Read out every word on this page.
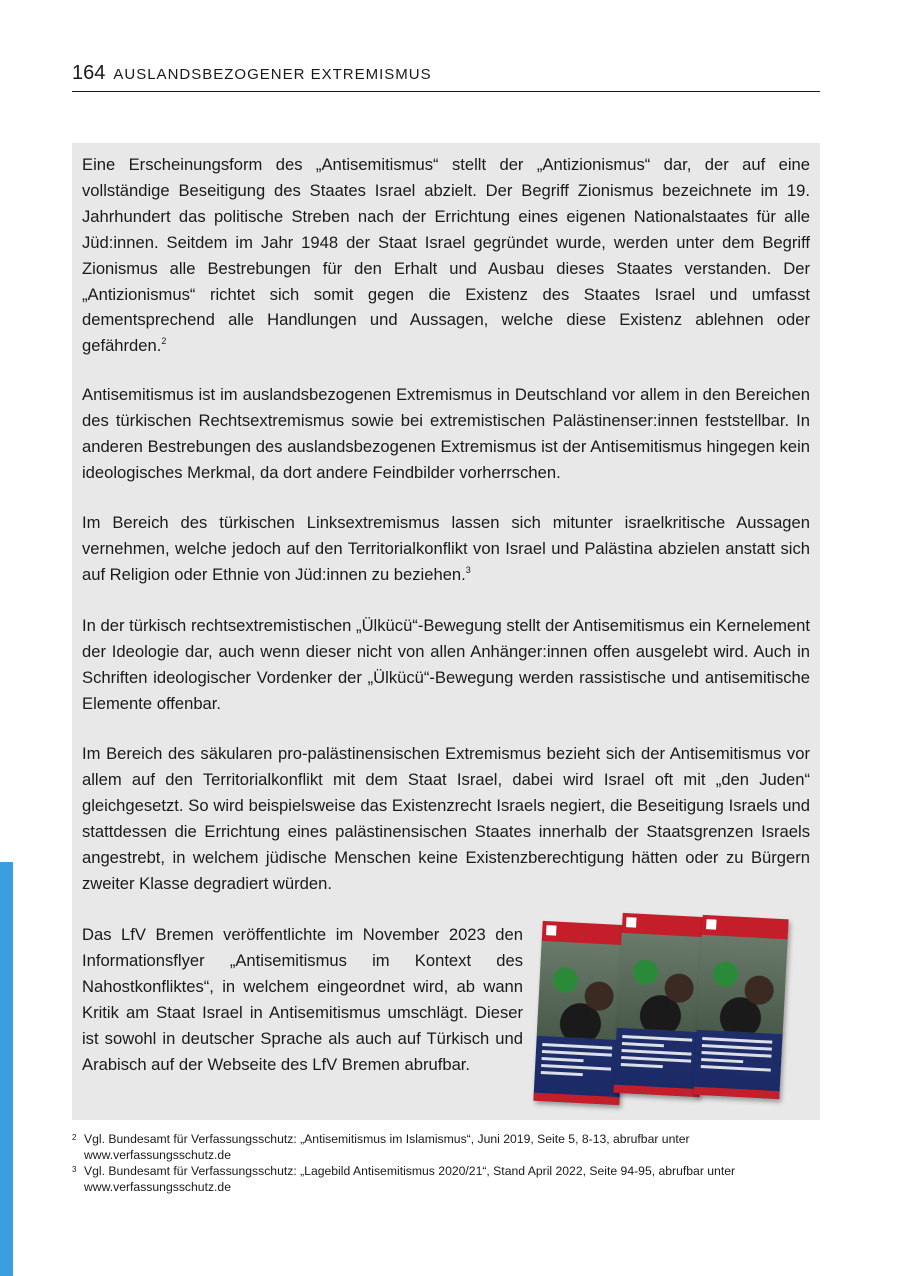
164 AUSLANDSBEZOGENER EXTREMISMUS

Eine Erscheinungsform des „Antisemitismus“ stellt der „Antizionismus“ dar, der auf eine vollständige Beseitigung des Staates Israel abzielt. Der Begriff Zionismus bezeichnete im 19. Jahrhundert das politische Streben nach der Errichtung eines eigenen Nationalstaates für alle Jüd:innen. Seitdem im Jahr 1948 der Staat Israel gegründet wurde, werden unter dem Begriff Zionismus alle Bestrebungen für den Erhalt und Ausbau dieses Staates verstanden. Der „Antizionismus“ richtet sich somit gegen die Existenz des Staates Israel und umfasst dementsprechend alle Handlungen und Aussagen, welche diese Existenz ablehnen oder gefährden.$^2$

Antisemitismus ist im auslandsbezogenen Extremismus in Deutschland vor allem in den Bereichen des türkischen Rechtsextremismus sowie bei extremistischen Palästinenser:innen feststellbar. In anderen Bestrebungen des auslandsbezogenen Extremismus ist der Antisemitismus hingegen kein ideologisches Merkmal, da dort andere Feindbilder vorherrschen.

Im Bereich des türkischen Linksextremismus lassen sich mitunter israelkritische Aussagen vernehmen, welche jedoch auf den Territorialkonflikt von Israel und Palästina abzielen anstatt sich auf Religion oder Ethnie von Jüd:innen zu beziehen.$^3$

In der türkisch rechtsextremistischen „Ülkücü“-Bewegung stellt der Antisemitismus ein Kernelement der Ideologie dar, auch wenn dieser nicht von allen Anhänger:innen offen ausgelebt wird. Auch in Schriften ideologischer Vordenker der „Ülkücü“-Bewegung werden rassistische und antisemitische Elemente offenbar.

Im Bereich des säkularen pro-palästinensischen Extremismus bezieht sich der Antisemitismus vor allem auf den Territorialkonflikt mit dem Staat Israel, dabei wird Israel oft mit „den Juden“ gleichgesetzt. So wird beispielsweise das Existenzrecht Israels negiert, die Beseitigung Israels und stattdessen die Errichtung eines palästinensischen Staates innerhalb der Staatsgrenzen Israels angestrebt, in welchem jüdische Menschen keine Existenzberechtigung hätten oder zu Bürgern zweiter Klasse degradiert würden.

Das LfV Bremen veröffentlichte im November 2023 den Informationsflyer „Antisemitismus im Kontext des Nahostkonfliktes“, in welchem eingeordnet wird, ab wann Kritik am Staat Israel in Antisemitismus umschlägt. Dieser ist sowohl in deutscher Sprache als auch auf Türkisch und Arabisch auf der Webseite des LfV Bremen abrufbar.

2 Vgl. Bundesamt für Verfassungsschutz: „Antisemitismus im Islamismus“, Juni 2019, Seite 5, 8-13, abrufbar unter www.verfassungsschutz.de
3 Vgl. Bundesamt für Verfassungsschutz: „Lagebild Antisemitismus 2020/21“, Stand April 2022, Seite 94-95, abrufbar unter www.verfassungsschutz.de
